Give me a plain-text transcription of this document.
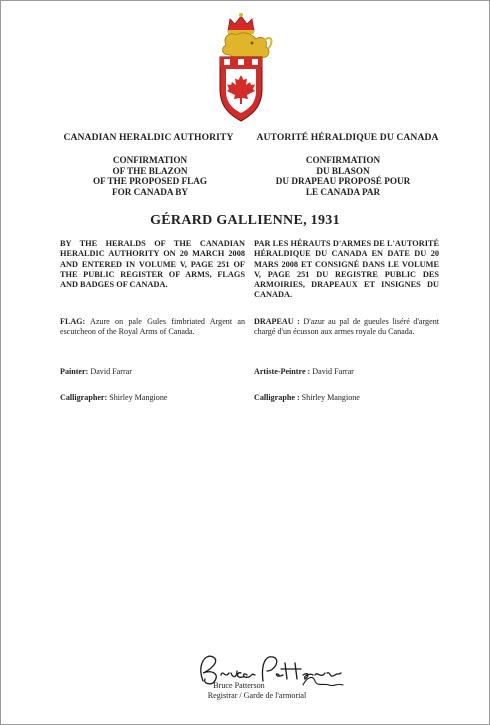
CANADIAN HERALDIC AUTHORITY	AUTORITÉ HÉRALDIQUE DU CANADA
CONFIRMATION
OF THE BLAZON
OF THE PROPOSED FLAG
FOR CANADA BY
CONFIRMATION
DU BLASON
DU DRAPEAU PROPOSÉ POUR
LE CANADA PAR
GÉRARD GALLIENNE, 1931
BY THE HERALDS OF THE CANADIAN HERALDIC AUTHORITY ON 20 MARCH 2008 AND ENTERED IN VOLUME V, PAGE 251 OF THE PUBLIC REGISTER OF ARMS, FLAGS AND BADGES OF CANADA.
PAR LES HÉRAUTS D'ARMES DE L'AUTORITÉ HÉRALDIQUE DU CANADA EN DATE DU 20 MARS 2008 ET CONSIGNÉ DANS LE VOLUME V, PAGE 251 DU REGISTRE PUBLIC DES ARMOIRIES, DRAPEAUX ET INSIGNES DU CANADA.
FLAG: Azure on pale Gules fimbriated Argent an escutcheon of the Royal Arms of Canada.
DRAPEAU : D'azur au pal de gueules liséré d'argent chargé d'un écusson aux armes royale du Canada.
Painter: David Farrar	Artiste-Peintre : David Farrar
Calligrapher: Shirley Mangione	Calligraphe : Shirley Mangione
Bruce Patterson
Registrar / Garde de l'armorial
